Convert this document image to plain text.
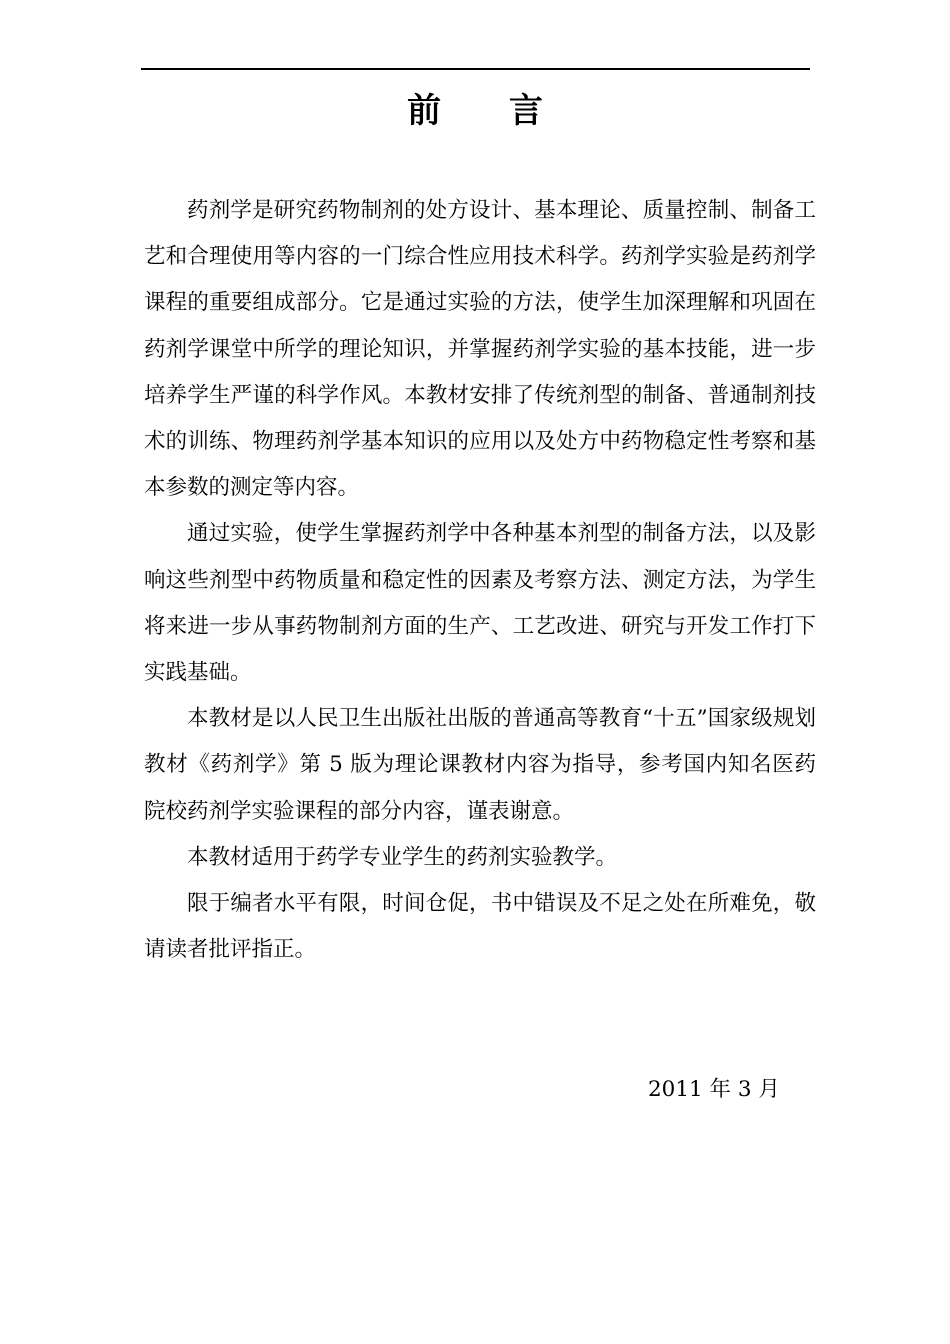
前 言

药剂学是研究药物制剂的处方设计、基本理论、质量控制、制备工艺和合理使用等内容的一门综合性应用技术科学。药剂学实验是药剂学课程的重要组成部分。它是通过实验的方法，使学生加深理解和巩固在药剂学课堂中所学的理论知识，并掌握药剂学实验的基本技能，进一步培养学生严谨的科学作风。本教材安排了传统剂型的制备、普通制剂技术的训练、物理药剂学基本知识的应用以及处方中药物稳定性考察和基本参数的测定等内容。

通过实验，使学生掌握药剂学中各种基本剂型的制备方法，以及影响这些剂型中药物质量和稳定性的因素及考察方法、测定方法，为学生将来进一步从事药物制剂方面的生产、工艺改进、研究与开发工作打下实践基础。

本教材是以人民卫生出版社出版的普通高等教育“十五”国家级规划教材《药剂学》第 5 版为理论课教材内容为指导，参考国内知名医药院校药剂学实验课程的部分内容，谨表谢意。

本教材适用于药学专业学生的药剂实验教学。

限于编者水平有限，时间仓促，书中错误及不足之处在所难免，敬请读者批评指正。

2011 年 3 月
